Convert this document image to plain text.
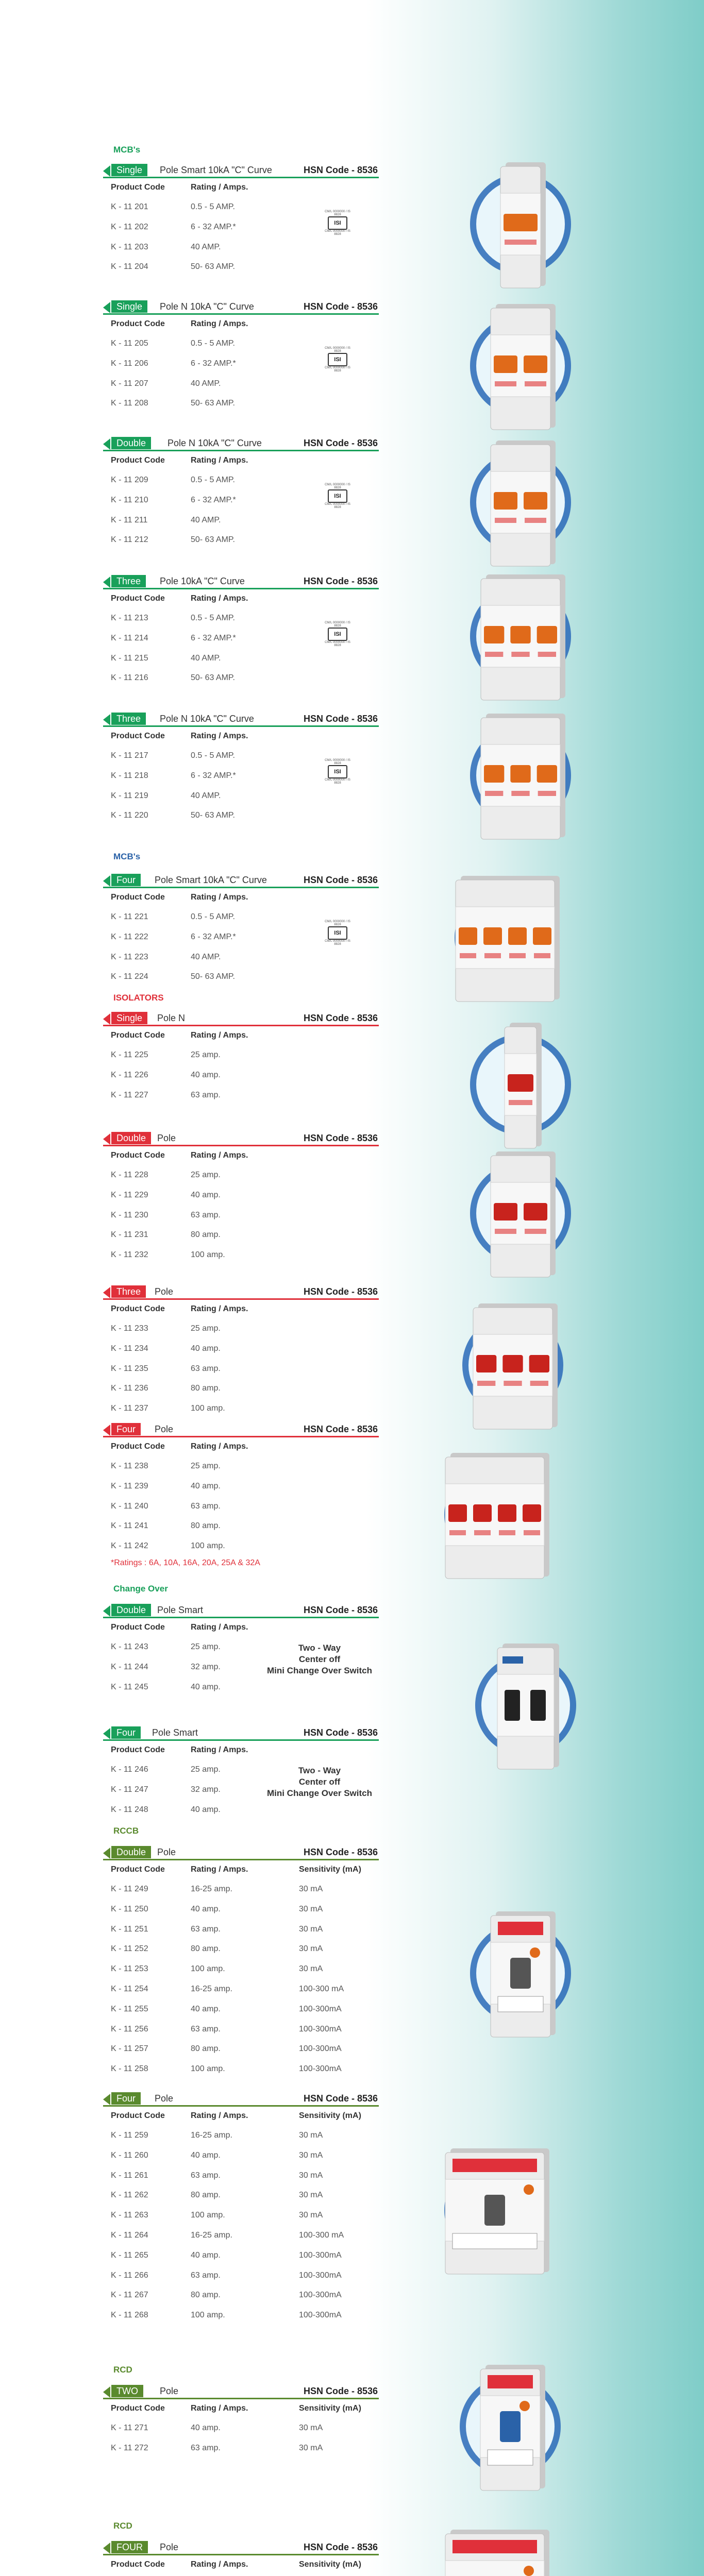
MCB's
Single	Pole Smart 10kA "C" Curve	HSN Code - 8536
Product Code	Rating / Amps.
K - 11 201	0.5 - 5 AMP.
K - 11 202	6 - 32 AMP.*
K - 11 203	40 AMP.
K - 11 204	50- 63 AMP.
CM/L 0000000 / IS 8828
ISI
CM/L 0000000 / IS 8828
Single	Pole N 10kA "C" Curve	HSN Code - 8536
Product Code	Rating / Amps.
K - 11 205	0.5 - 5 AMP.
K - 11 206	6 - 32 AMP.*
K - 11 207	40 AMP.
K - 11 208	50- 63 AMP.
CM/L 0000000 / IS 8828
ISI
CM/L 0000000 / IS 8828
Double	Pole N 10kA "C" Curve	HSN Code - 8536
Product Code	Rating / Amps.
K - 11 209	0.5 - 5 AMP.
K - 11 210	6 - 32 AMP.*
K - 11 211	40 AMP.
K - 11 212	50- 63 AMP.
CM/L 0000000 / IS 8828
ISI
CM/L 0000000 / IS 8828
Three	Pole 10kA "C" Curve	HSN Code - 8536
Product Code	Rating / Amps.
K - 11 213	0.5 - 5 AMP.
K - 11 214	6 - 32 AMP.*
K - 11 215	40 AMP.
K - 11 216	50- 63 AMP.
CM/L 0000000 / IS 8828
ISI
CM/L 0000000 / IS 8828
Three	Pole N 10kA "C" Curve	HSN Code - 8536
Product Code	Rating / Amps.
K - 11 217	0.5 - 5 AMP.
K - 11 218	6 - 32 AMP.*
K - 11 219	40 AMP.
K - 11 220	50- 63 AMP.
CM/L 0000000 / IS 8828
ISI
CM/L 0000000 / IS 8828
MCB's
Four	Pole Smart 10kA "C" Curve	HSN Code - 8536
Product Code	Rating / Amps.
K - 11 221	0.5 - 5 AMP.
K - 11 222	6 - 32 AMP.*
K - 11 223	40 AMP.
K - 11 224	50- 63 AMP.
CM/L 0000000 / IS 8828
ISI
CM/L 0000000 / IS 8828
ISOLATORS
Single	Pole N	HSN Code - 8536
Product Code	Rating / Amps.
K - 11 225	25 amp.
K - 11 226	40 amp.
K - 11 227	63 amp.
Double	Pole	HSN Code - 8536
Product Code	Rating / Amps.
K - 11 228	25 amp.
K - 11 229	40 amp.
K - 11 230	63 amp.
K - 11 231	80 amp.
K - 11 232	100 amp.
Three	Pole	HSN Code - 8536
Product Code	Rating / Amps.
K - 11 233	25 amp.
K - 11 234	40 amp.
K - 11 235	63 amp.
K - 11 236	80 amp.
K - 11 237	100 amp.
Four	Pole	HSN Code - 8536
Product Code	Rating / Amps.
K - 11 238	25 amp.
K - 11 239	40 amp.
K - 11 240	63 amp.
K - 11 241	80 amp.
K - 11 242	100 amp.
*Ratings : 6A, 10A, 16A, 20A, 25A & 32A
Change Over
Double	Pole Smart	HSN Code - 8536
Product Code	Rating / Amps.
K - 11 243	25 amp.
K - 11 244	32 amp.
K - 11 245	40 amp.
Two - Way
Center off
Mini Change Over Switch
Four	Pole Smart	HSN Code - 8536
Product Code	Rating / Amps.
K - 11 246	25 amp.
K - 11 247	32 amp.
K - 11 248	40 amp.
Two - Way
Center off
Mini Change Over Switch
RCCB
Double	Pole	HSN Code - 8536
Product Code	Rating / Amps.	Sensitivity (mA)
K - 11 249	16-25 amp.	30 mA
K - 11 250	40 amp.	30 mA
K - 11 251	63 amp.	30 mA
K - 11 252	80 amp.	30 mA
K - 11 253	100 amp.	30 mA
K - 11 254	16-25 amp.	100-300 mA
K - 11 255	40 amp.	100-300mA
K - 11 256	63 amp.	100-300mA
K - 11 257	80 amp.	100-300mA
K - 11 258	100 amp.	100-300mA
Four	Pole	HSN Code - 8536
Product Code	Rating / Amps.	Sensitivity (mA)
K - 11 259	16-25 amp.	30 mA
K - 11 260	40 amp.	30 mA
K - 11 261	63 amp.	30 mA
K - 11 262	80 amp.	30 mA
K - 11 263	100 amp.	30 mA
K - 11 264	16-25 amp.	100-300 mA
K - 11 265	40 amp.	100-300mA
K - 11 266	63 amp.	100-300mA
K - 11 267	80 amp.	100-300mA
K - 11 268	100 amp.	100-300mA
RCD
TWO	Pole	HSN Code - 8536
Product Code	Rating / Amps.	Sensitivity (mA)
K - 11 271	40 amp.	30 mA
K - 11 272	63 amp.	30 mA
RCD
FOUR	Pole	HSN Code - 8536
Product Code	Rating / Amps.	Sensitivity (mA)
